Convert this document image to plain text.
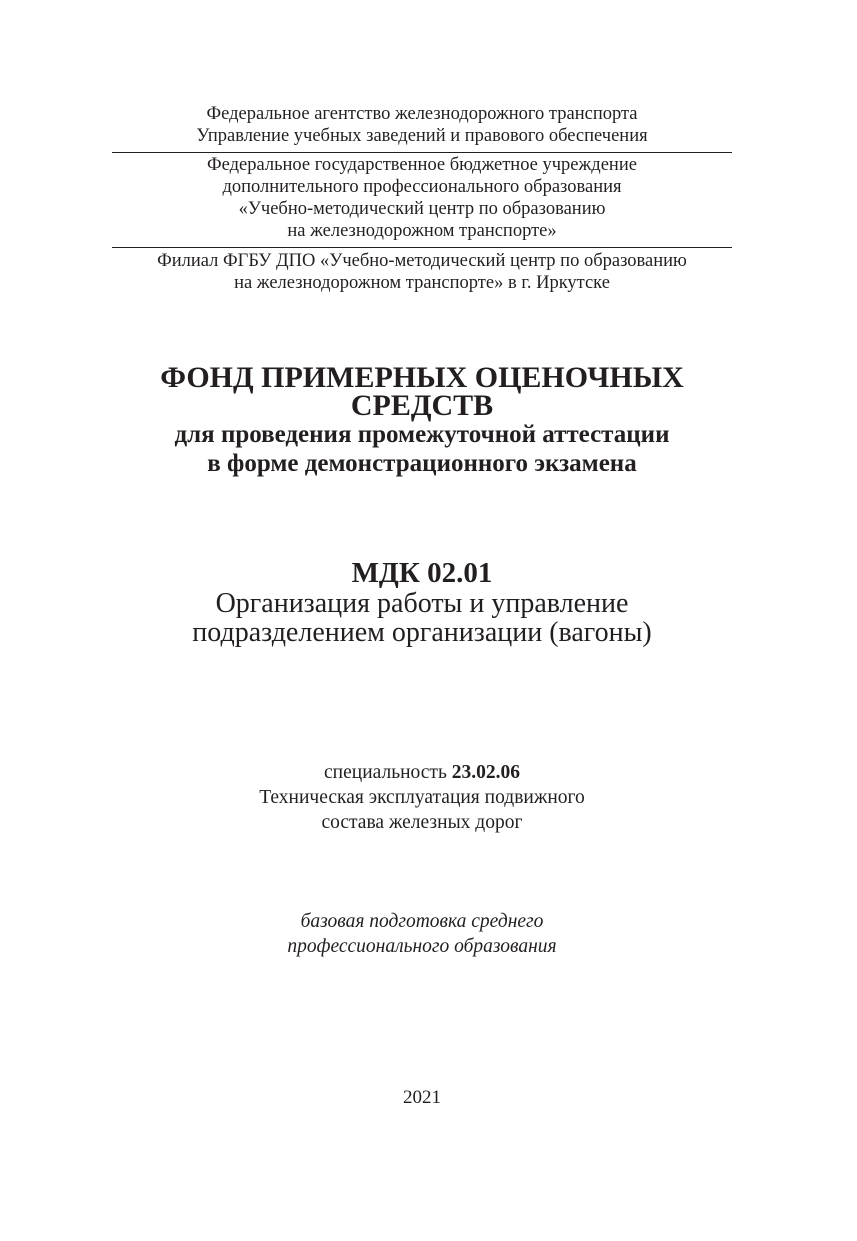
Федеральное агентство железнодорожного транспорта
Управление учебных заведений и правового обеспечения
Федеральное государственное бюджетное учреждение
дополнительного профессионального образования
«Учебно-методический центр по образованию
на железнодорожном транспорте»
Филиал ФГБУ ДПО «Учебно-методический центр по образованию
на железнодорожном транспорте» в г. Иркутске
ФОНД ПРИМЕРНЫХ ОЦЕНОЧНЫХ
СРЕДСТВ
для проведения промежуточной аттестации
в форме демонстрационного экзамена
МДК 02.01
Организация работы и управление
подразделением организации (вагоны)
специальность 23.02.06
Техническая эксплуатация подвижного
состава железных дорог
базовая подготовка среднего
профессионального образования
2021
